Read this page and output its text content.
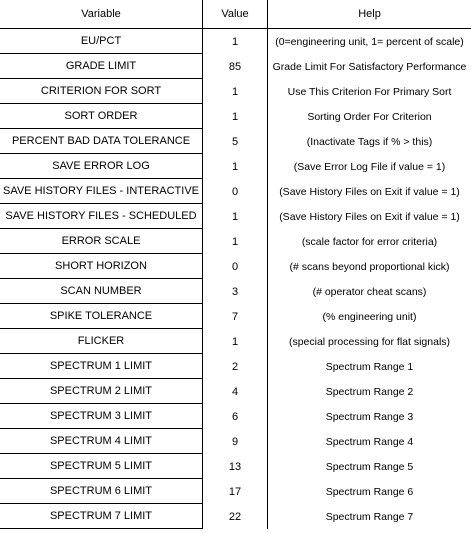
Variable	Value	Help
EU/PCT	1	(0=engineering unit, 1= percent of scale)
GRADE LIMIT	85	Grade Limit For Satisfactory Performance
CRITERION FOR SORT	1	Use This Criterion For Primary Sort
SORT ORDER	1	Sorting Order For Criterion
PERCENT BAD DATA TOLERANCE	5	(Inactivate Tags if % > this)
SAVE ERROR LOG	1	(Save Error Log File if value = 1)
SAVE HISTORY FILES - INTERACTIVE	0	(Save History Files on Exit if value = 1)
SAVE HISTORY FILES - SCHEDULED	1	(Save History Files on Exit if value = 1)
ERROR SCALE	1	(scale factor for error criteria)
SHORT HORIZON	0	(# scans beyond proportional kick)
SCAN NUMBER	3	(# operator cheat scans)
SPIKE TOLERANCE	7	(% engineering unit)
FLICKER	1	(special processing for flat signals)
SPECTRUM 1 LIMIT	2	Spectrum Range 1
SPECTRUM 2 LIMIT	4	Spectrum Range 2
SPECTRUM 3 LIMIT	6	Spectrum Range 3
SPECTRUM 4 LIMIT	9	Spectrum Range 4
SPECTRUM 5 LIMIT	13	Spectrum Range 5
SPECTRUM 6 LIMIT	17	Spectrum Range 6
SPECTRUM 7 LIMIT	22	Spectrum Range 7
